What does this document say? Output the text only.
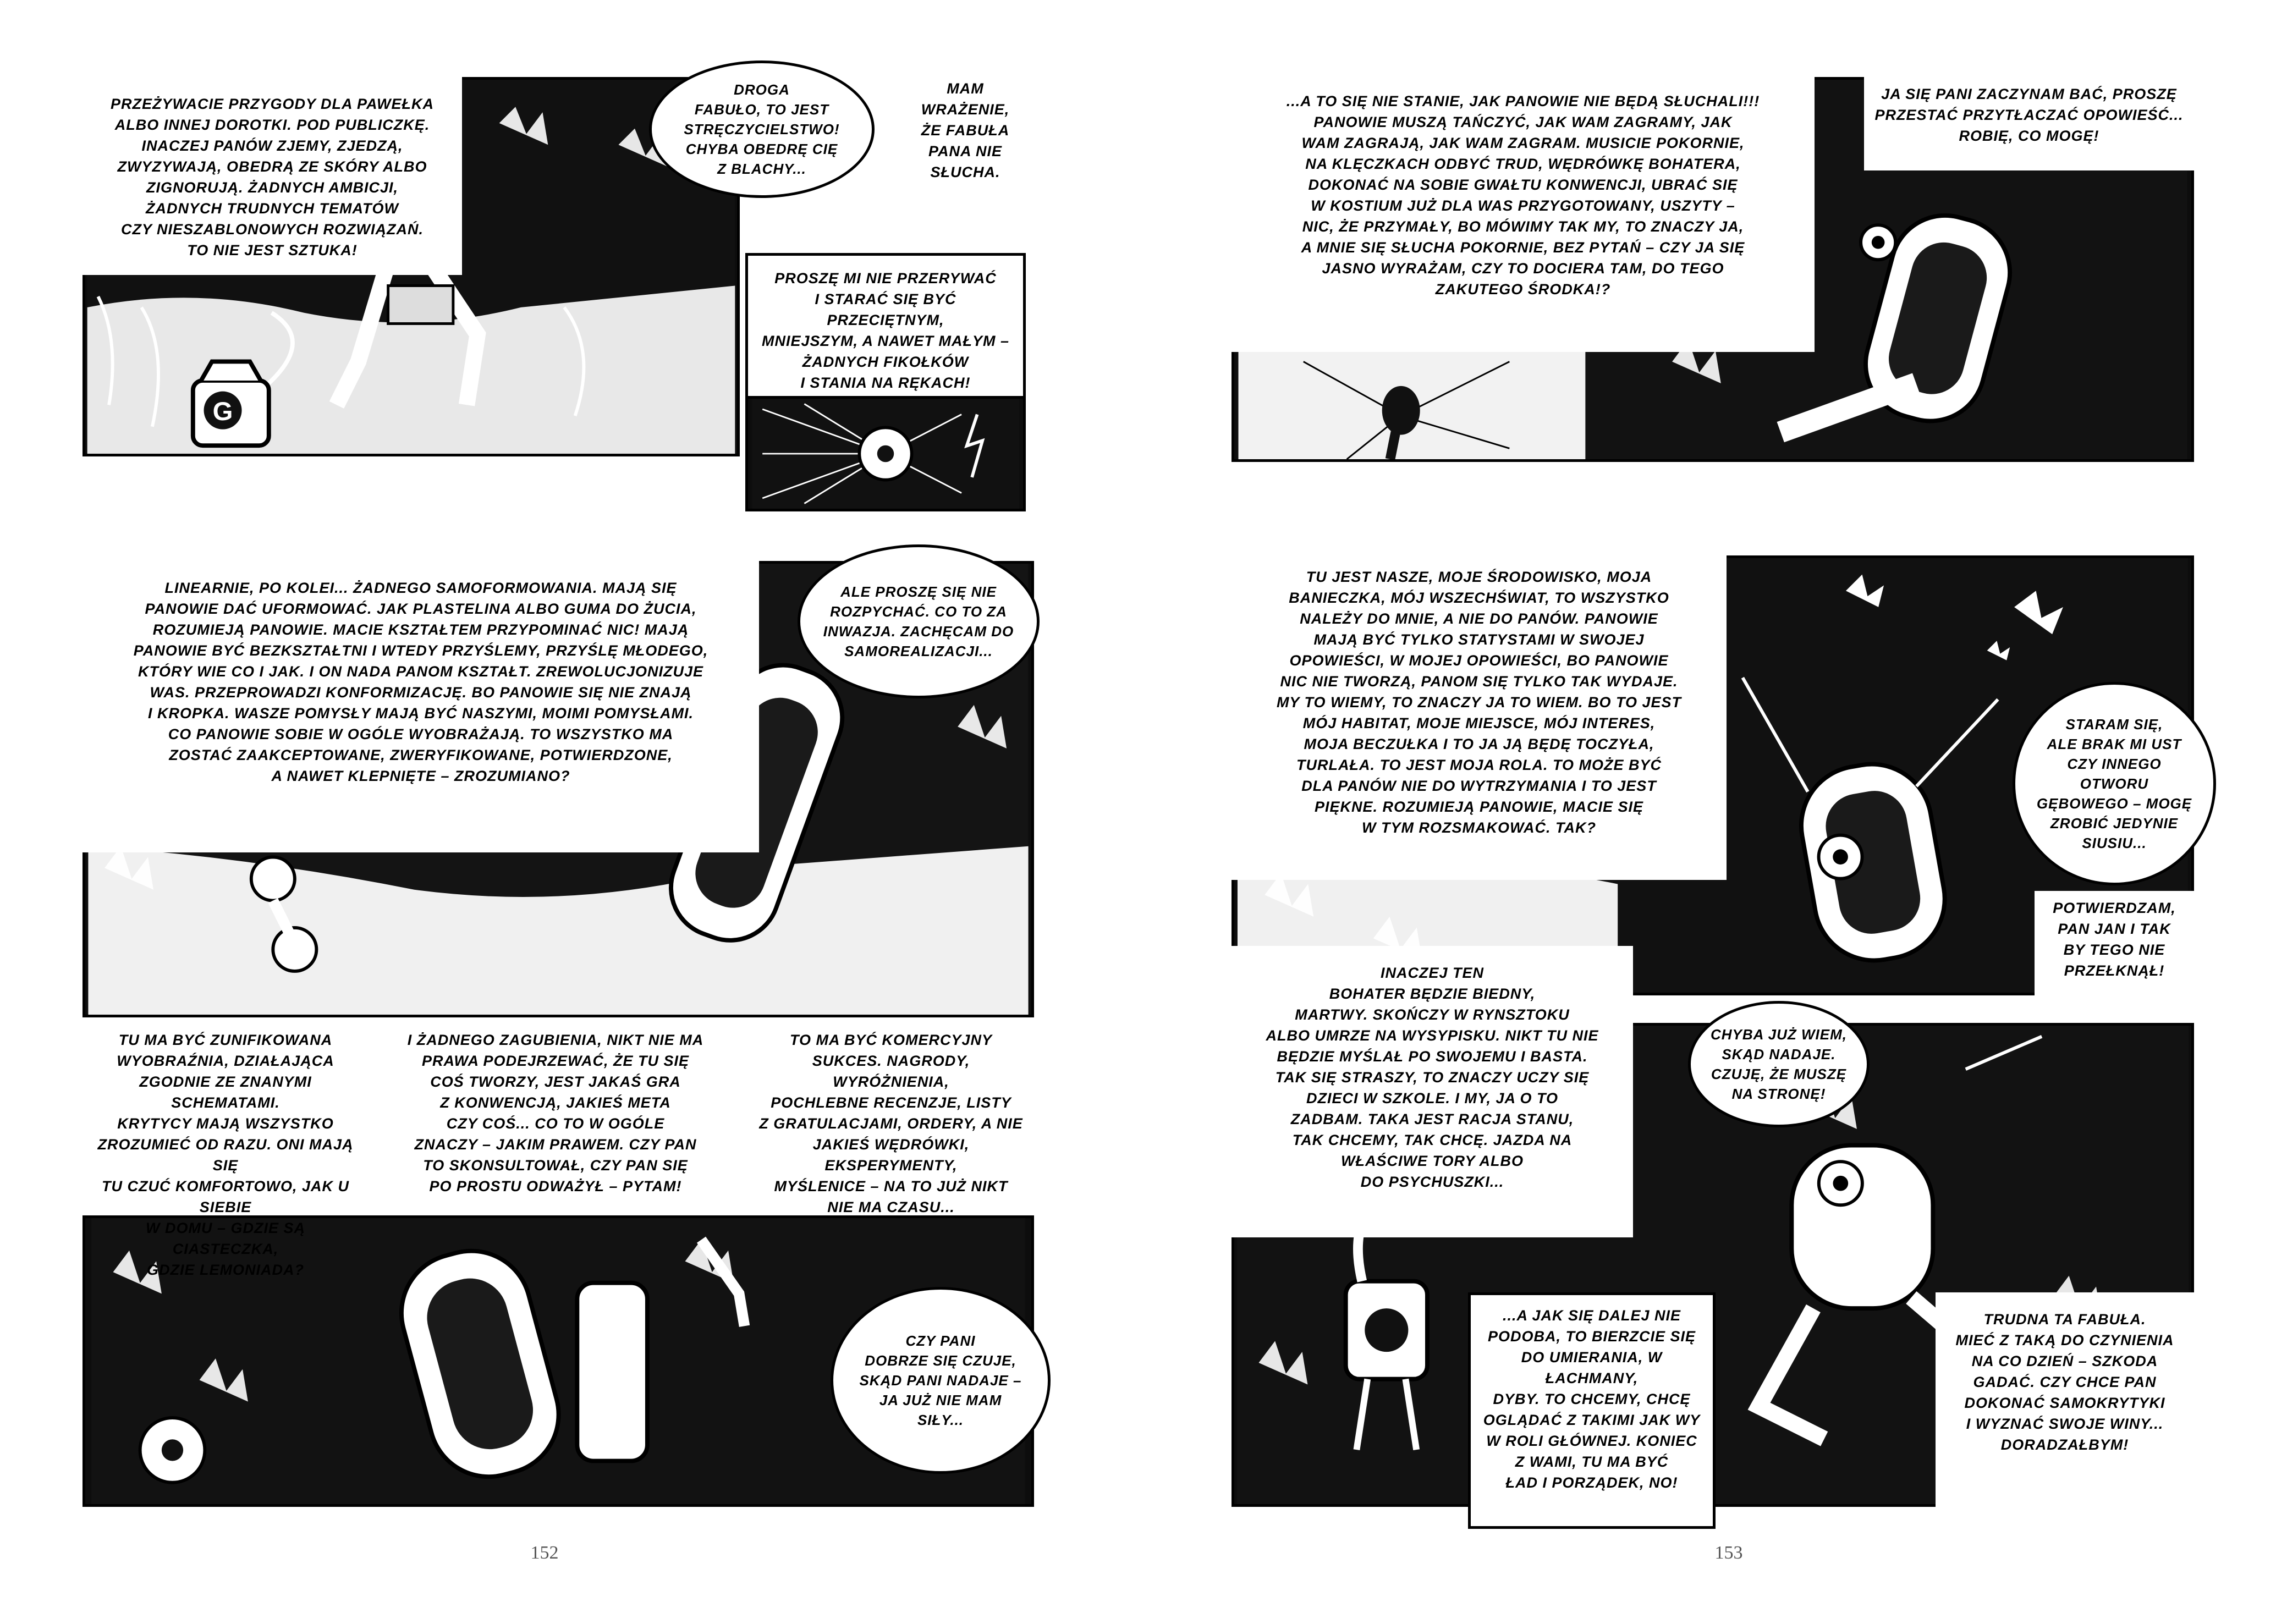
G
PRZEŻYWACIE PRZYGODY DLA PAWEŁKA
ALBO INNEJ DOROTKI. POD PUBLICZKĘ.
INACZEJ PANÓW ZJEMY, ZJEDZĄ,
ZWYZYWAJĄ, OBEDRĄ ZE SKÓRY ALBO
ZIGNORUJĄ. ŻADNYCH AMBICJI,
ŻADNYCH TRUDNYCH TEMATÓW
CZY NIESZABLONOWYCH ROZWIĄZAŃ.
TO NIE JEST SZTUKA!
DROGA
FABUŁO, TO JEST
STRĘCZYCIELSTWO!
CHYBA OBEDRĘ CIĘ
Z BLACHY...
MAM
WRAŻENIE,
ŻE FABUŁA
PANA NIE
SŁUCHA.
PROSZĘ MI NIE PRZERYWAĆ
I STARAĆ SIĘ BYĆ PRZECIĘTNYM,
MNIEJSZYM, A NAWET MAŁYM –
ŻADNYCH FIKOŁKÓW
I STANIA NA RĘKACH!
LINEARNIE, PO KOLEI... ŻADNEGO SAMOFORMOWANIA. MAJĄ SIĘ
PANOWIE DAĆ UFORMOWAĆ. JAK PLASTELINA ALBO GUMA DO ŻUCIA,
ROZUMIEJĄ PANOWIE. MACIE KSZTAŁTEM PRZYPOMINAĆ NIC! MAJĄ
PANOWIE BYĆ BEZKSZTAŁTNI I WTEDY PRZYŚLEMY, PRZYŚLĘ MŁODEGO,
KTÓRY WIE CO I JAK. I ON NADA PANOM KSZTAŁT. ZREWOLUCJONIZUJE
WAS. PRZEPROWADZI KONFORMIZACJĘ. BO PANOWIE SIĘ NIE ZNAJĄ
I KROPKA. WASZE POMYSŁY MAJĄ BYĆ NASZYMI, MOIMI POMYSŁAMI.
CO PANOWIE SOBIE W OGÓLE WYOBRAŻAJĄ. TO WSZYSTKO MA
ZOSTAĆ ZAAKCEPTOWANE, ZWERYFIKOWANE, POTWIERDZONE,
A NAWET KLEPNIĘTE – ZROZUMIANO?
ALE PROSZĘ SIĘ NIE
ROZPYCHAĆ. CO TO ZA
INWAZJA. ZACHĘCAM DO
SAMOREALIZACJI...
TU MA BYĆ ZUNIFIKOWANA
WYOBRAŹNIA, DZIAŁAJĄCA
ZGODNIE ZE ZNANYMI SCHEMATAMI.
KRYTYCY MAJĄ WSZYSTKO
ZROZUMIEĆ OD RAZU. ONI MAJĄ SIĘ
TU CZUĆ KOMFORTOWO, JAK U SIEBIE
W DOMU – GDZIE SĄ CIASTECZKA,
GDZIE LEMONIADA?
I ŻADNEGO ZAGUBIENIA, NIKT NIE MA
PRAWA PODEJRZEWAĆ, ŻE TU SIĘ
COŚ TWORZY, JEST JAKAŚ GRA
Z KONWENCJĄ, JAKIEŚ META
CZY COŚ... CO TO W OGÓLE
ZNACZY – JAKIM PRAWEM. CZY PAN
TO SKONSULTOWAŁ, CZY PAN SIĘ
PO PROSTU ODWAŻYŁ – PYTAM!
TO MA BYĆ KOMERCYJNY
SUKCES. NAGRODY, WYRÓŻNIENIA,
POCHLEBNE RECENZJE, LISTY
Z GRATULACJAMI, ORDERY, A NIE
JAKIEŚ WĘDRÓWKI, EKSPERYMENTY,
MYŚLENICE – NA TO JUŻ NIKT
NIE MA CZASU...
CZY PANI
DOBRZE SIĘ CZUJE,
SKĄD PANI NADAJE –
JA JUŻ NIE MAM
SIŁY...
152
...A TO SIĘ NIE STANIE, JAK PANOWIE NIE BĘDĄ SŁUCHALI!!!
PANOWIE MUSZĄ TAŃCZYĆ, JAK WAM ZAGRAMY, JAK
WAM ZAGRAJĄ, JAK WAM ZAGRAM. MUSICIE POKORNIE,
NA KLĘCZKACH ODBYĆ TRUD, WĘDRÓWKĘ BOHATERA,
DOKONAĆ NA SOBIE GWAŁTU KONWENCJI, UBRAĆ SIĘ
W KOSTIUM JUŻ DLA WAS PRZYGOTOWANY, USZYTY –
NIC, ŻE PRZYMAŁY, BO MÓWIMY TAK MY, TO ZNACZY JA,
A MNIE SIĘ SŁUCHA POKORNIE, BEZ PYTAŃ – CZY JA SIĘ
JASNO WYRAŻAM, CZY TO DOCIERA TAM, DO TEGO
ZAKUTEGO ŚRODKA!?
JA SIĘ PANI ZACZYNAM BAĆ, PROSZĘ
PRZESTAĆ PRZYTŁACZAĆ OPOWIEŚĆ...
ROBIĘ, CO MOGĘ!
TU JEST NASZE, MOJE ŚRODOWISKO, MOJA
BANIECZKA, MÓJ WSZECHŚWIAT, TO WSZYSTKO
NALEŻY DO MNIE, A NIE DO PANÓW. PANOWIE
MAJĄ BYĆ TYLKO STATYSTAMI W SWOJEJ
OPOWIEŚCI, W MOJEJ OPOWIEŚCI, BO PANOWIE
NIC NIE TWORZĄ, PANOM SIĘ TYLKO TAK WYDAJE.
MY TO WIEMY, TO ZNACZY JA TO WIEM. BO TO JEST
MÓJ HABITAT, MOJE MIEJSCE, MÓJ INTERES,
MOJA BECZUŁKA I TO JA JĄ BĘDĘ TOCZYŁA,
TURLAŁA. TO JEST MOJA ROLA. TO MOŻE BYĆ
DLA PANÓW NIE DO WYTRZYMANIA I TO JEST
PIĘKNE. ROZUMIEJĄ PANOWIE, MACIE SIĘ
W TYM ROZSMAKOWAĆ. TAK?
STARAM SIĘ,
ALE BRAK MI UST
CZY INNEGO OTWORU
GĘBOWEGO – MOGĘ
ZROBIĆ JEDYNIE
SIUSIU...
POTWIERDZAM,
PAN JAN I TAK
BY TEGO NIE
PRZEŁKNĄŁ!
INACZEJ TEN
BOHATER BĘDZIE BIEDNY,
MARTWY. SKOŃCZY W RYNSZTOKU
ALBO UMRZE NA WYSYPISKU. NIKT TU NIE
BĘDZIE MYŚLAŁ PO SWOJEMU I BASTA.
TAK SIĘ STRASZY, TO ZNACZY UCZY SIĘ
DZIECI W SZKOLE. I MY, JA O TO
ZADBAM. TAKA JEST RACJA STANU,
TAK CHCEMY, TAK CHCĘ. JAZDA NA
WŁAŚCIWE TORY ALBO
DO PSYCHUSZKI...
CHYBA JUŻ WIEM,
SKĄD NADAJE.
CZUJĘ, ŻE MUSZĘ
NA STRONĘ!
...A JAK SIĘ DALEJ NIE
PODOBA, TO BIERZCIE SIĘ
DO UMIERANIA, W ŁACHMANY,
DYBY. TO CHCEMY, CHCĘ
OGLĄDAĆ Z TAKIMI JAK WY
W ROLI GŁÓWNEJ. KONIEC
Z WAMI, TU MA BYĆ
ŁAD I PORZĄDEK, NO!
TRUDNA TA FABUŁA.
MIEĆ Z TAKĄ DO CZYNIENIA
NA CO DZIEŃ – SZKODA
GADAĆ. CZY CHCE PAN
DOKONAĆ SAMOKRYTYKI
I WYZNAĆ SWOJE WINY...
DORADZAŁBYM!
153
